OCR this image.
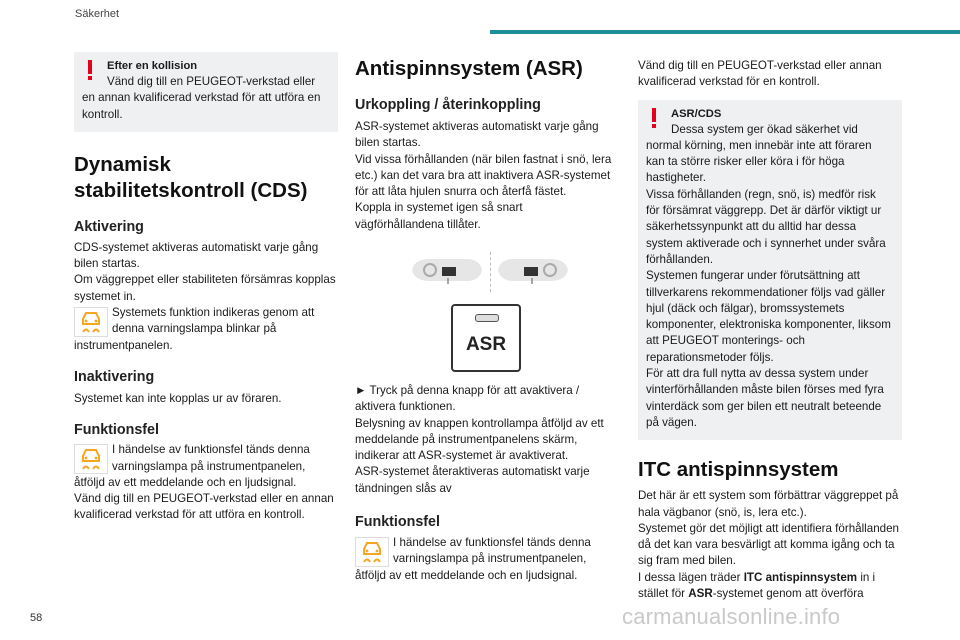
Säkerhet

Efter en kollision

Vänd dig till en PEUGEOT-verkstad eller

en annan kvalificerad verkstad för att utföra en kontroll.

Dynamisk stabilitetskontroll (CDS)
Aktivering

CDS-systemet aktiveras automatiskt varje gång bilen startas.
Om väggreppet eller stabiliteten försämras kopplas systemet in.

Systemets funktion indikeras genom att denna varningslampa blinkar på

instrumentpanelen.

Inaktivering

Systemet kan inte kopplas ur av föraren.

Funktionsfel

I händelse av funktionsfel tänds denna varningslampa på instrumentpanelen,

åtföljd av ett meddelande och en ljudsignal.
Vänd dig till en PEUGEOT-verkstad eller en annan kvalificerad verkstad för att utföra en kontroll.

Antispinnsystem (ASR)
Urkoppling / återinkoppling

ASR-systemet aktiveras automatiskt varje gång bilen startas.
Vid vissa förhållanden (när bilen fastnat i snö, lera etc.) kan det vara bra att inaktivera ASR-systemet för att låta hjulen snurra och återfå fästet.
Koppla in systemet igen så snart vägförhållandena tillåter.

ASR

► Tryck på denna knapp för att avaktivera / aktivera funktionen.
Belysning av knappen kontrollampa åtföljd av ett meddelande på instrumentpanelens skärm, indikerar att ASR-systemet är avaktiverat.
ASR-systemet återaktiveras automatiskt varje tändningen slås av

Funktionsfel

I händelse av funktionsfel tänds denna varningslampa på instrumentpanelen,

åtföljd av ett meddelande och en ljudsignal.

Vänd dig till en PEUGEOT-verkstad eller annan kvalificerad verkstad för en kontroll.

ASR/CDS

Dessa system ger ökad säkerhet vid

normal körning, men innebär inte att föraren kan ta större risker eller köra i för höga hastigheter.
Vissa förhållanden (regn, snö, is) medför risk för försämrat väggrepp. Det är därför viktigt ur säkerhetssynpunkt att du alltid har dessa system aktiverade och i synnerhet under svåra förhållanden.
Systemen fungerar under förutsättning att tillverkarens rekommendationer följs vad gäller hjul (däck och fälgar), bromssystemets komponenter, elektroniska komponenter, liksom att PEUGEOT monterings- och reparationsmetoder följs.
För att dra full nytta av dessa system under vinterförhållanden måste bilen förses med fyra vinterdäck som ger bilen ett neutralt beteende på vägen.

ITC antispinnsystem

Det här är ett system som förbättrar väggreppet på hala vägbanor (snö, is, lera etc.).
Systemet gör det möjligt att identifiera förhållanden då det kan vara besvärligt att komma igång och ta sig fram med bilen.
I dessa lägen träder ITC antispinnsystem in i stället för ASR-systemet genom att överföra

58	carmanualsonline.info
